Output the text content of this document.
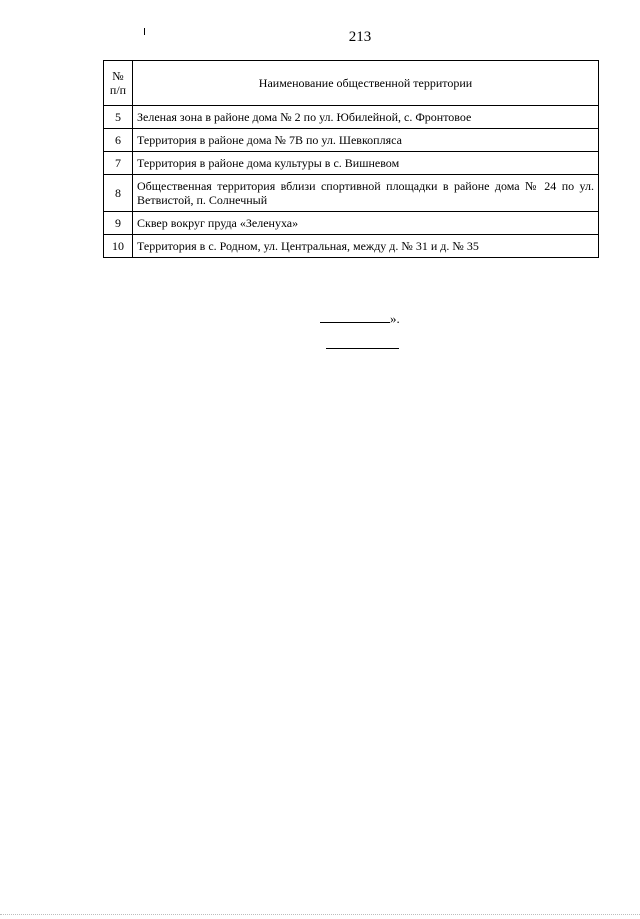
213
№
п/п	Наименование общественной территории
5	Зеленая зона в районе дома № 2 по ул. Юбилейной, с. Фронтовое
6	Территория в районе дома № 7В по ул. Шевкопляса
7	Территория в районе дома культуры в с. Вишневом
8	Общественная территория вблизи спортивной площадки в районе дома № 24 по ул. Ветвистой, п. Солнечный
9	Сквер вокруг пруда «Зеленуха»
10	Территория в с. Родном, ул. Центральная, между д. № 31 и д. № 35
».
